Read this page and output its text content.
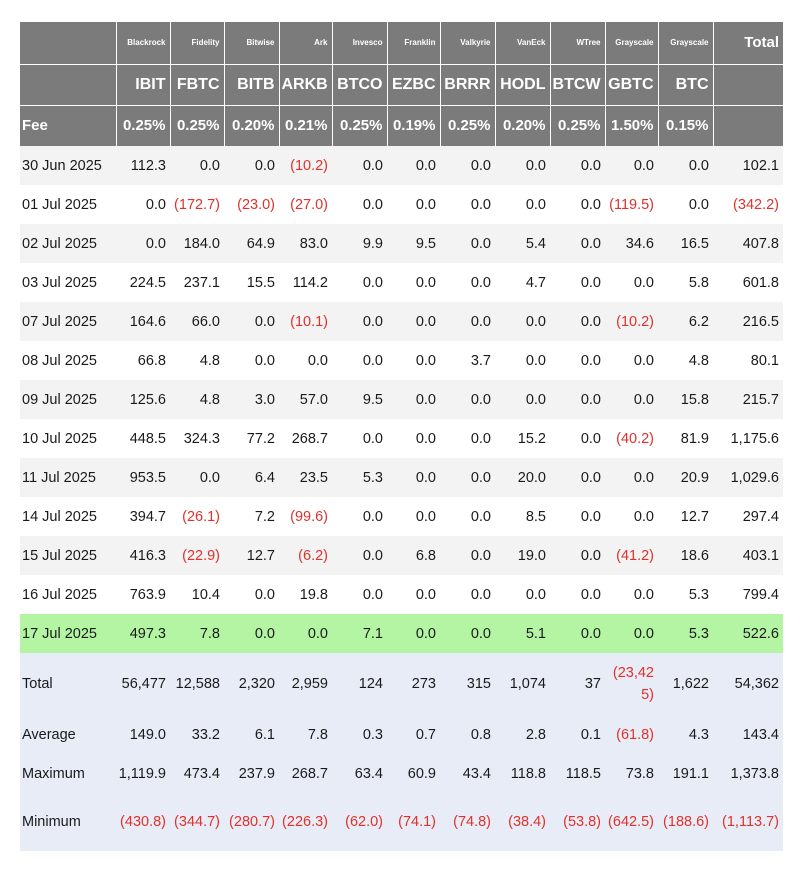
	Blackrock	Fidelity	Bitwise	Ark	Invesco	Franklin	Valkyrie	VanEck	WTree	Grayscale	Grayscale	Total
	IBIT	FBTC	BITB	ARKB	BTCO	EZBC	BRRR	HODL	BTCW	GBTC	BTC	
Fee	0.25%	0.25%	0.20%	0.21%	0.25%	0.19%	0.25%	0.20%	0.25%	1.50%	0.15%	
30 Jun 2025	112.3	0.0	0.0	(10.2)	0.0	0.0	0.0	0.0	0.0	0.0	0.0	102.1
01 Jul 2025	0.0	(172.7)	(23.0)	(27.0)	0.0	0.0	0.0	0.0	0.0	(119.5)	0.0	(342.2)
02 Jul 2025	0.0	184.0	64.9	83.0	9.9	9.5	0.0	5.4	0.0	34.6	16.5	407.8
03 Jul 2025	224.5	237.1	15.5	114.2	0.0	0.0	0.0	4.7	0.0	0.0	5.8	601.8
07 Jul 2025	164.6	66.0	0.0	(10.1)	0.0	0.0	0.0	0.0	0.0	(10.2)	6.2	216.5
08 Jul 2025	66.8	4.8	0.0	0.0	0.0	0.0	3.7	0.0	0.0	0.0	4.8	80.1
09 Jul 2025	125.6	4.8	3.0	57.0	9.5	0.0	0.0	0.0	0.0	0.0	15.8	215.7
10 Jul 2025	448.5	324.3	77.2	268.7	0.0	0.0	0.0	15.2	0.0	(40.2)	81.9	1,175.6
11 Jul 2025	953.5	0.0	6.4	23.5	5.3	0.0	0.0	20.0	0.0	0.0	20.9	1,029.6
14 Jul 2025	394.7	(26.1)	7.2	(99.6)	0.0	0.0	0.0	8.5	0.0	0.0	12.7	297.4
15 Jul 2025	416.3	(22.9)	12.7	(6.2)	0.0	6.8	0.0	19.0	0.0	(41.2)	18.6	403.1
16 Jul 2025	763.9	10.4	0.0	19.8	0.0	0.0	0.0	0.0	0.0	0.0	5.3	799.4
17 Jul 2025	497.3	7.8	0.0	0.0	7.1	0.0	0.0	5.1	0.0	0.0	5.3	522.6
Total	56,477	12,588	2,320	2,959	124	273	315	1,074	37	(23,425)	1,622	54,362
Average	149.0	33.2	6.1	7.8	0.3	0.7	0.8	2.8	0.1	(61.8)	4.3	143.4
Maximum	1,119.9	473.4	237.9	268.7	63.4	60.9	43.4	118.8	118.5	73.8	191.1	1,373.8
Minimum	(430.8)	(344.7)	(280.7)	(226.3)	(62.0)	(74.1)	(74.8)	(38.4)	(53.8)	(642.5)	(188.6)	(1,113.7)
